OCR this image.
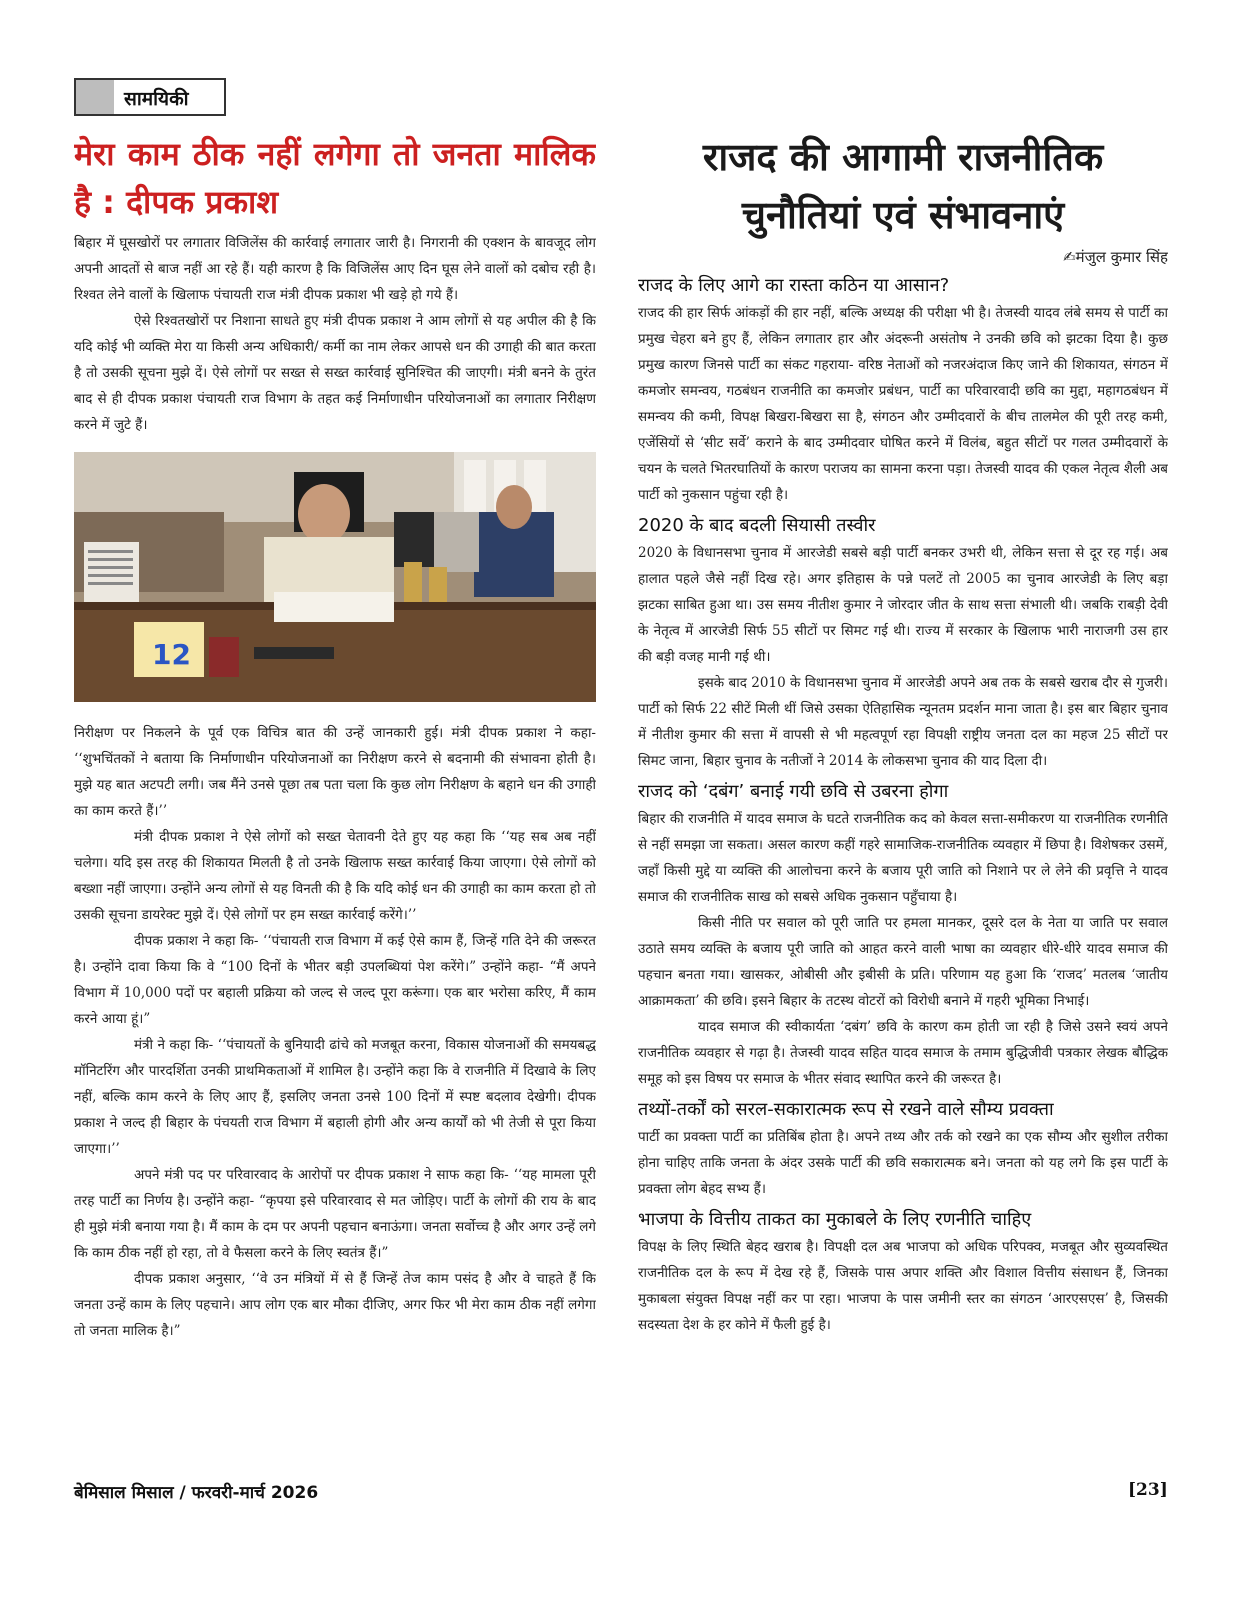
सामयिकी
मेरा काम ठीक नहीं लगेगा तो जनता मालिक है : दीपक प्रकाश

बिहार में घूसखोरों पर लगातार विजिलेंस की कार्रवाई लगातार जारी है। निगरानी की एक्शन के बावजूद लोग अपनी आदतों से बाज नहीं आ रहे हैं। यही कारण है कि विजिलेंस आए दिन घूस लेने वालों को दबोच रही है। रिश्वत लेने वालों के खिलाफ पंचायती राज मंत्री दीपक प्रकाश भी खड़े हो गये हैं।

ऐसे रिश्वतखोरों पर निशाना साधते हुए मंत्री दीपक प्रकाश ने आम लोगों से यह अपील की है कि यदि कोई भी व्यक्ति मेरा या किसी अन्य अधिकारी/ कर्मी का नाम लेकर आपसे धन की उगाही की बात करता है तो उसकी सूचना मुझे दें। ऐसे लोगों पर सख्त से सख्त कार्रवाई सुनिश्चित की जाएगी। मंत्री बनने के तुरंत बाद से ही दीपक प्रकाश पंचायती राज विभाग के तहत कई निर्माणाधीन परियोजनाओं का लगातार निरीक्षण करने में जुटे हैं।

12

निरीक्षण पर निकलने के पूर्व एक विचित्र बात की उन्हें जानकारी हुई। मंत्री दीपक प्रकाश ने कहा- ‘‘शुभचिंतकों ने बताया कि निर्माणाधीन परियोजनाओं का निरीक्षण करने से बदनामी की संभावना होती है। मुझे यह बात अटपटी लगी। जब मैंने उनसे पूछा तब पता चला कि कुछ लोग निरीक्षण के बहाने धन की उगाही का काम करते हैं।’’

मंत्री दीपक प्रकाश ने ऐसे लोगों को सख्त चेतावनी देते हुए यह कहा कि ‘‘यह सब अब नहीं चलेगा। यदि इस तरह की शिकायत मिलती है तो उनके खिलाफ सख्त कार्रवाई किया जाएगा। ऐसे लोगों को बख्शा नहीं जाएगा। उन्होंने अन्य लोगों से यह विनती की है कि यदि कोई धन की उगाही का काम करता हो तो उसकी सूचना डायरेक्ट मुझे दें। ऐसे लोगों पर हम सख्त कार्रवाई करेंगे।’’

दीपक प्रकाश ने कहा कि- ‘‘पंचायती राज विभाग में कई ऐसे काम हैं, जिन्हें गति देने की जरूरत है। उन्होंने दावा किया कि वे “100 दिनों के भीतर बड़ी उपलब्धियां पेश करेंगे।” उन्होंने कहा- “मैं अपने विभाग में 10,000 पदों पर बहाली प्रक्रिया को जल्द से जल्द पूरा करूंगा। एक बार भरोसा करिए, मैं काम करने आया हूं।”

मंत्री ने कहा कि- ‘‘पंचायतों के बुनियादी ढांचे को मजबूत करना, विकास योजनाओं की समयबद्ध मॉनिटरिंग और पारदर्शिता उनकी प्राथमिकताओं में शामिल है। उन्होंने कहा कि वे राजनीति में दिखावे के लिए नहीं, बल्कि काम करने के लिए आए हैं, इसलिए जनता उनसे 100 दिनों में स्पष्ट बदलाव देखेगी। दीपक प्रकाश ने जल्द ही बिहार के पंचयती राज विभाग में बहाली होगी और अन्य कार्यों को भी तेजी से पूरा किया जाएगा।’’

अपने मंत्री पद पर परिवारवाद के आरोपों पर दीपक प्रकाश ने साफ कहा कि- ‘‘यह मामला पूरी तरह पार्टी का निर्णय है। उन्होंने कहा- “कृपया इसे परिवारवाद से मत जोड़िए। पार्टी के लोगों की राय के बाद ही मुझे मंत्री बनाया गया है। मैं काम के दम पर अपनी पहचान बनाऊंगा। जनता सर्वोच्च है और अगर उन्हें लगे कि काम ठीक नहीं हो रहा, तो वे फैसला करने के लिए स्वतंत्र हैं।”

दीपक प्रकाश अनुसार, ‘‘वे उन मंत्रियों में से हैं जिन्हें तेज काम पसंद है और वे चाहते हैं कि जनता उन्हें काम के लिए पहचाने। आप लोग एक बार मौका दीजिए, अगर फिर भी मेरा काम ठीक नहीं लगेगा तो जनता मालिक है।”

राजद की आगामी राजनीतिक चुनौतियां एवं संभावनाएं

✍मंजुल कुमार सिंह

राजद के लिए आगे का रास्ता कठिन या आसान?

राजद की हार सिर्फ आंकड़ों की हार नहीं, बल्कि अध्यक्ष की परीक्षा भी है। तेजस्वी यादव लंबे समय से पार्टी का प्रमुख चेहरा बने हुए हैं, लेकिन लगातार हार और अंदरूनी असंतोष ने उनकी छवि को झटका दिया है। कुछ प्रमुख कारण जिनसे पार्टी का संकट गहराया- वरिष्ठ नेताओं को नजरअंदाज किए जाने की शिकायत, संगठन में कमजोर समन्वय, गठबंधन राजनीति का कमजोर प्रबंधन, पार्टी का परिवारवादी छवि का मुद्दा, महागठबंधन में समन्वय की कमी, विपक्ष बिखरा-बिखरा सा है, संगठन और उम्मीदवारों के बीच तालमेल की पूरी तरह कमी, एजेंसियों से ‘सीट सर्वे’ कराने के बाद उम्मीदवार घोषित करने में विलंब, बहुत सीटों पर गलत उम्मीदवारों के चयन के चलते भितरघातियों के कारण पराजय का सामना करना पड़ा। तेजस्वी यादव की एकल नेतृत्व शैली अब पार्टी को नुकसान पहुंचा रही है।

2020 के बाद बदली सियासी तस्वीर

2020 के विधानसभा चुनाव में आरजेडी सबसे बड़ी पार्टी बनकर उभरी थी, लेकिन सत्ता से दूर रह गई। अब हालात पहले जैसे नहीं दिख रहे। अगर इतिहास के पन्ने पलटें तो 2005 का चुनाव आरजेडी के लिए बड़ा झटका साबित हुआ था। उस समय नीतीश कुमार ने जोरदार जीत के साथ सत्ता संभाली थी। जबकि राबड़ी देवी के नेतृत्व में आरजेडी सिर्फ 55 सीटों पर सिमट गई थी। राज्य में सरकार के खिलाफ भारी नाराजगी उस हार की बड़ी वजह मानी गई थी।

इसके बाद 2010 के विधानसभा चुनाव में आरजेडी अपने अब तक के सबसे खराब दौर से गुजरी। पार्टी को सिर्फ 22 सीटें मिली थीं जिसे उसका ऐतिहासिक न्यूनतम प्रदर्शन माना जाता है। इस बार बिहार चुनाव में नीतीश कुमार की सत्ता में वापसी से भी महत्वपूर्ण रहा विपक्षी राष्ट्रीय जनता दल का महज 25 सीटों पर सिमट जाना, बिहार चुनाव के नतीजों ने 2014 के लोकसभा चुनाव की याद दिला दी।

राजद को ‘दबंग’ बनाई गयी छवि से उबरना होगा

बिहार की राजनीति में यादव समाज के घटते राजनीतिक कद को केवल सत्ता-समीकरण या राजनीतिक रणनीति से नहीं समझा जा सकता। असल कारण कहीं गहरे सामाजिक-राजनीतिक व्यवहार में छिपा है। विशेषकर उसमें, जहाँ किसी मुद्दे या व्यक्ति की आलोचना करने के बजाय पूरी जाति को निशाने पर ले लेने की प्रवृत्ति ने यादव समाज की राजनीतिक साख को सबसे अधिक नुकसान पहुँचाया है।

किसी नीति पर सवाल को पूरी जाति पर हमला मानकर, दूसरे दल के नेता या जाति पर सवाल उठाते समय व्यक्ति के बजाय पूरी जाति को आहत करने वाली भाषा का व्यवहार धीरे-धीरे यादव समाज की पहचान बनता गया। खासकर, ओबीसी और इबीसी के प्रति। परिणाम यह हुआ कि ‘राजद’ मतलब ‘जातीय आक्रामकता’ की छवि। इसने बिहार के तटस्थ वोटरों को विरोधी बनाने में गहरी भूमिका निभाई।

यादव समाज की स्वीकार्यता ‘दबंग’ छवि के कारण कम होती जा रही है जिसे उसने स्वयं अपने राजनीतिक व्यवहार से गढ़ा है। तेजस्वी यादव सहित यादव समाज के तमाम बुद्धिजीवी पत्रकार लेखक बौद्धिक समूह को इस विषय पर समाज के भीतर संवाद स्थापित करने की जरूरत है।

तथ्यों-तर्कों को सरल-सकारात्मक रूप से रखने वाले सौम्य प्रवक्ता

पार्टी का प्रवक्ता पार्टी का प्रतिबिंब होता है। अपने तथ्य और तर्क को रखने का एक सौम्य और सुशील तरीका होना चाहिए ताकि जनता के अंदर उसके पार्टी की छवि सकारात्मक बने। जनता को यह लगे कि इस पार्टी के प्रवक्ता लोग बेहद सभ्य हैं।

भाजपा के वित्तीय ताकत का मुकाबले के लिए रणनीति चाहिए

विपक्ष के लिए स्थिति बेहद खराब है। विपक्षी दल अब भाजपा को अधिक परिपक्व, मजबूत और सुव्यवस्थित राजनीतिक दल के रूप में देख रहे हैं, जिसके पास अपार शक्ति और विशाल वित्तीय संसाधन हैं, जिनका मुकाबला संयुक्त विपक्ष नहीं कर पा रहा। भाजपा के पास जमीनी स्तर का संगठन ‘आरएसएस’ है, जिसकी सदस्यता देश के हर कोने में फैली हुई है।

बेमिसाल मिसाल / फरवरी-मार्च 2026	[23]
